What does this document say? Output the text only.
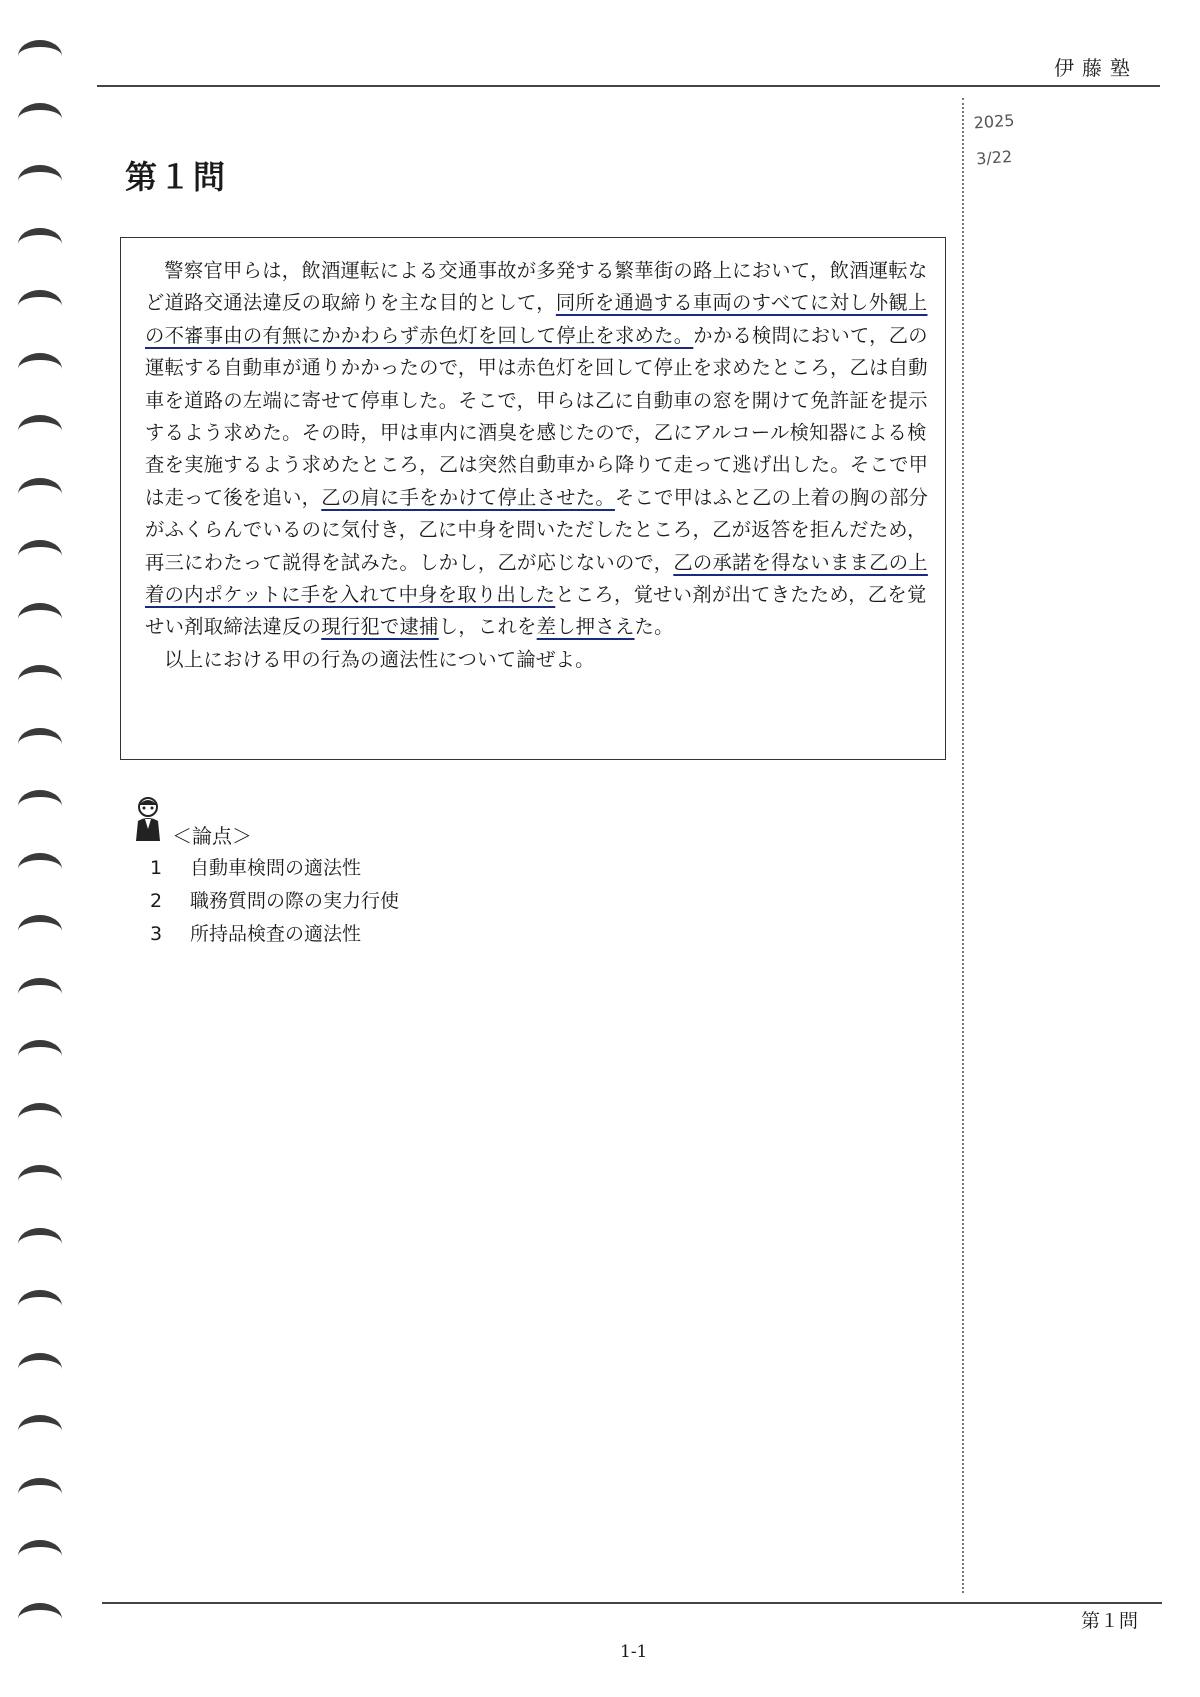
伊藤塾
2025
3/22
第１問

警察官甲らは，飲酒運転による交通事故が多発する繁華街の路上において，飲酒運転など道路交通法違反の取締りを主な目的として，同所を通過する車両のすべてに対し外観上の不審事由の有無にかかわらず赤色灯を回して停止を求めた。かかる検問において，乙の運転する自動車が通りかかったので，甲は赤色灯を回して停止を求めたところ，乙は自動車を道路の左端に寄せて停車した。そこで，甲らは乙に自動車の窓を開けて免許証を提示するよう求めた。その時，甲は車内に酒臭を感じたので，乙にアルコール検知器による検査を実施するよう求めたところ，乙は突然自動車から降りて走って逃げ出した。そこで甲は走って後を追い，乙の肩に手をかけて停止させた。そこで甲はふと乙の上着の胸の部分がふくらんでいるのに気付き，乙に中身を問いただしたところ，乙が返答を拒んだため，再三にわたって説得を試みた。しかし，乙が応じないので，乙の承諾を得ないまま乙の上着の内ポケットに手を入れて中身を取り出したところ，覚せい剤が出てきたため，乙を覚せい剤取締法違反の現行犯で逮捕し，これを差し押さえた。

以上における甲の行為の適法性について論ぜよ。

＜論点＞
1	自動車検問の適法性
2	職務質問の際の実力行使
3	所持品検査の適法性
第１問
1-1
